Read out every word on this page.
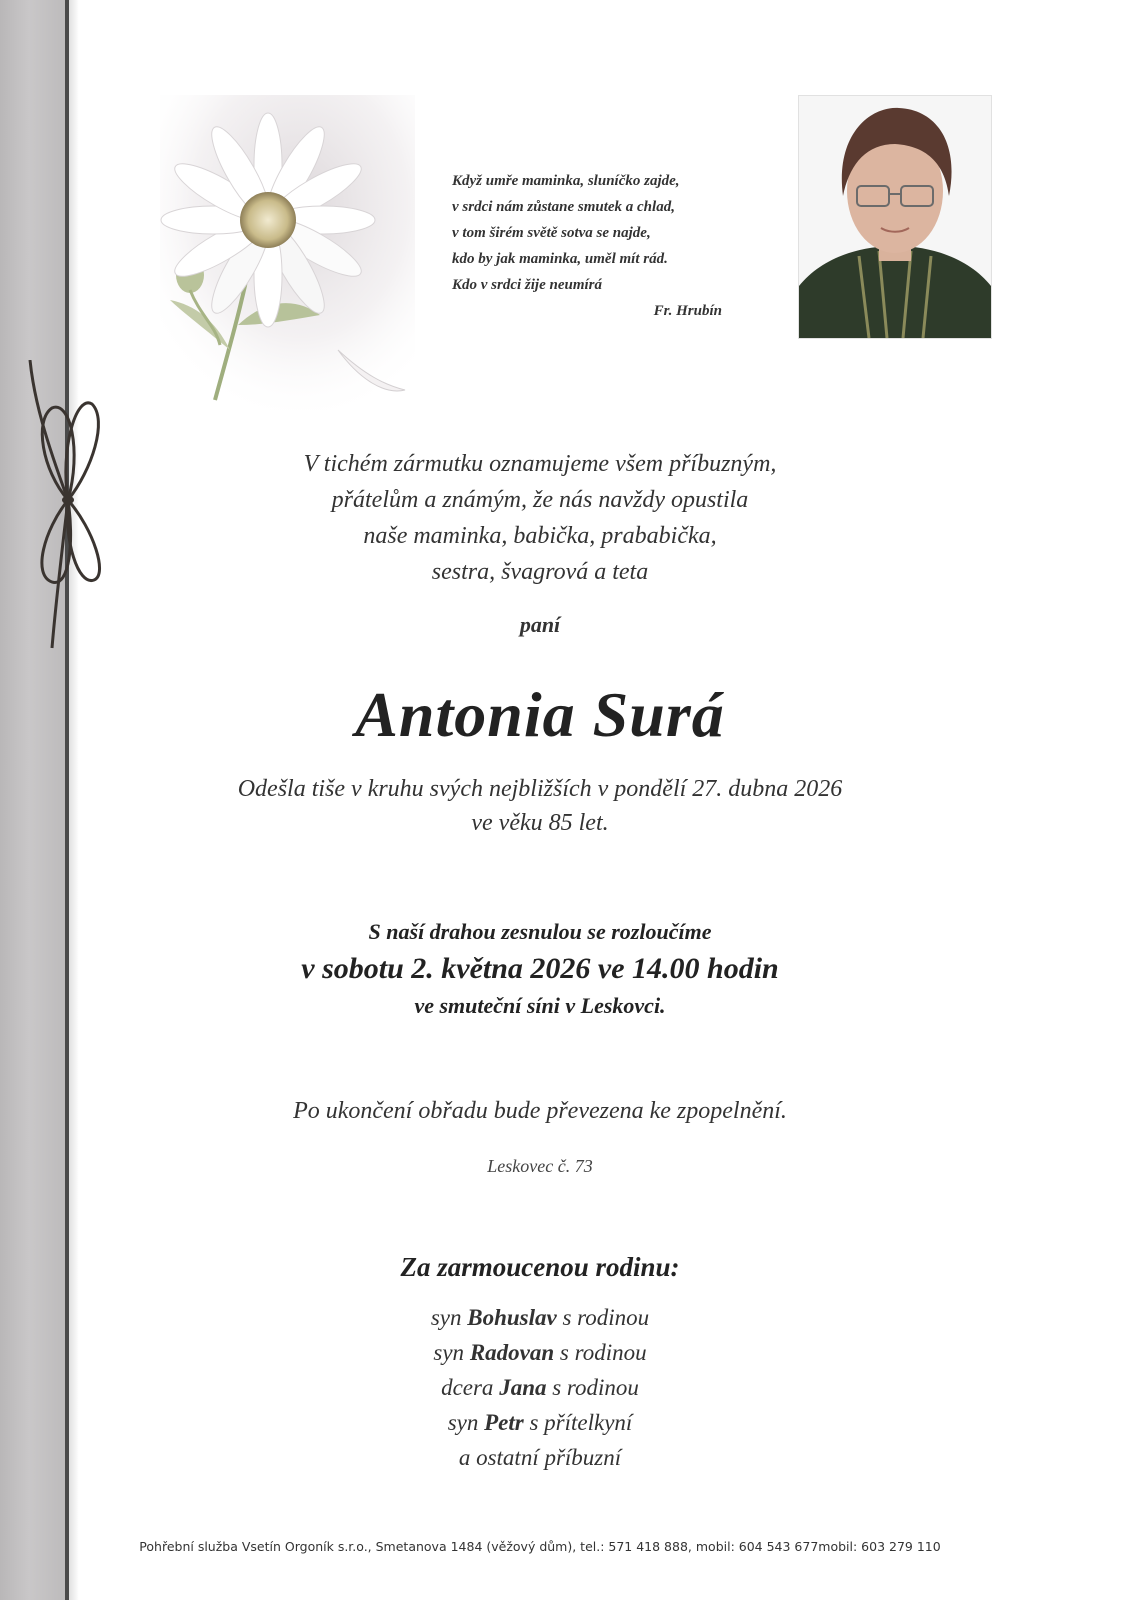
Když umře maminka, sluníčko zajde,
v srdci nám zůstane smutek a chlad,
v tom širém světě sotva se najde,
kdo by jak maminka, uměl mít rád.
Kdo v srdci žije neumírá
Fr. Hrubín
V tichém zármutku oznamujeme všem příbuzným,
přátelům a známým, že nás navždy opustila
naše maminka, babička, prababička,
sestra, švagrová a teta
paní
Antonia Surá
Odešla tiše v kruhu svých nejbližších v pondělí 27. dubna 2026
ve věku 85 let.
S naší drahou zesnulou se rozloučíme
v sobotu 2. května 2026 ve 14.00 hodin
ve smuteční síni v Leskovci.
Po ukončení obřadu bude převezena ke zpopelnění.
Leskovec č. 73
Za zarmoucenou rodinu:
syn Bohuslav s rodinou
syn Radovan s rodinou
dcera Jana s rodinou
syn Petr s přítelkyní
a ostatní příbuzní
Pohřební služba Vsetín Orgoník s.r.o., Smetanova 1484 (věžový dům), tel.: 571 418 888, mobil: 604 543 677mobil: 603 279 110
